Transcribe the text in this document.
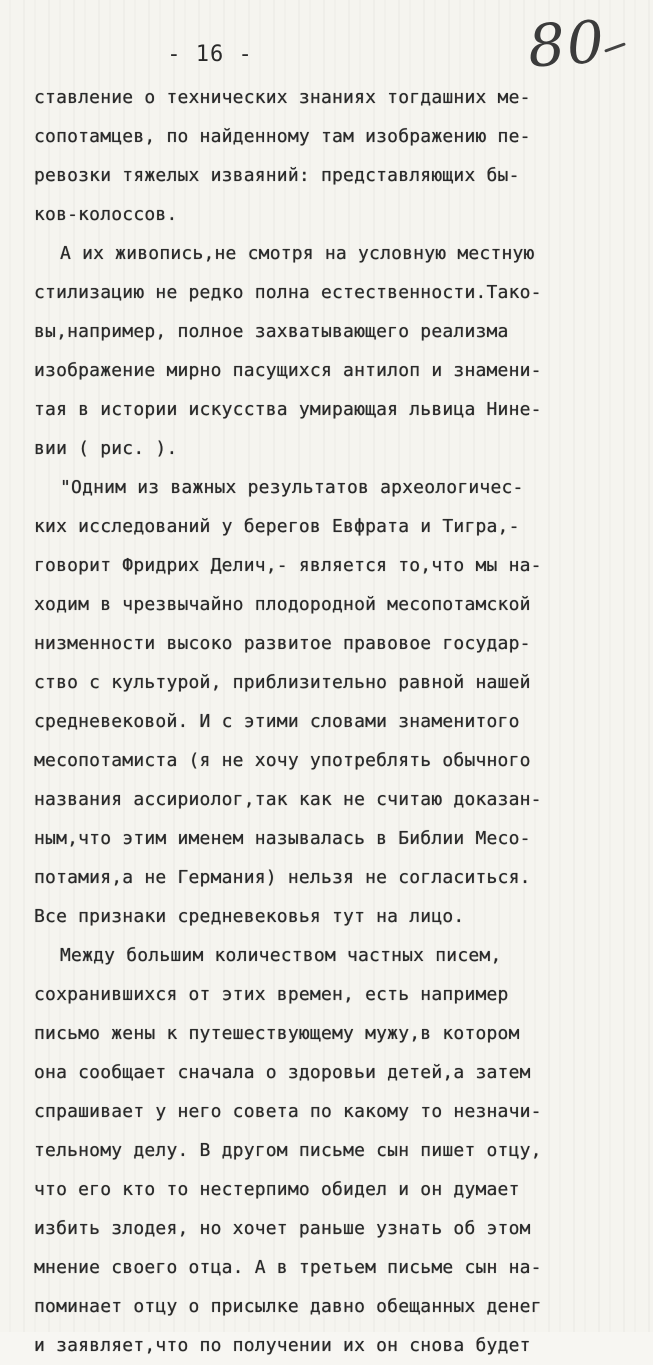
- 16 -	80
ставление о технических знаниях тогдашних ме-
сопотамцев, по найденному там изображению пе-
ревозки тяжелых изваяний: представляющих бы-
ков-колоссов.
А их живопись,не смотря на условную местную
стилизацию не редко полна естественности.Тако-
вы,например, полное захватывающего реализма
изображение мирно пасущихся антилоп и знамени-
тая в истории искусства умирающая львица Нине-
вии ( рис. ).
"Одним из важных результатов археологичес-
ких исследований у берегов Евфрата и Тигра,-
говорит Фридрих Делич,- является то,что мы на-
ходим в чрезвычайно плодородной месопотамской
низменности высоко развитое правовое государ-
ство с культурой, приблизительно равной нашей
средневековой. И с этими словами знаменитого
месопотамиста (я не хочу употреблять обычного
названия ассириолог,так как не считаю доказан-
ным,что этим именем называлась в Библии Месо-
потамия,а не Германия) нельзя не согласиться.
Все признаки средневековья тут на лицо.
Между большим количеством частных писем,
сохранившихся от этих времен, есть например
письмо жены к путешествующему мужу,в котором
она сообщает сначала о здоровьи детей,а затем
спрашивает у него совета по какому то незначи-
тельному делу. В другом письме сын пишет отцу,
что его кто то нестерпимо обидел и он думает
избить злодея, но хочет раньше узнать об этом
мнение своего отца. А в третьем письме сын на-
поминает отцу о присылке давно обещанных денег
и заявляет,что по получении их он снова будет
